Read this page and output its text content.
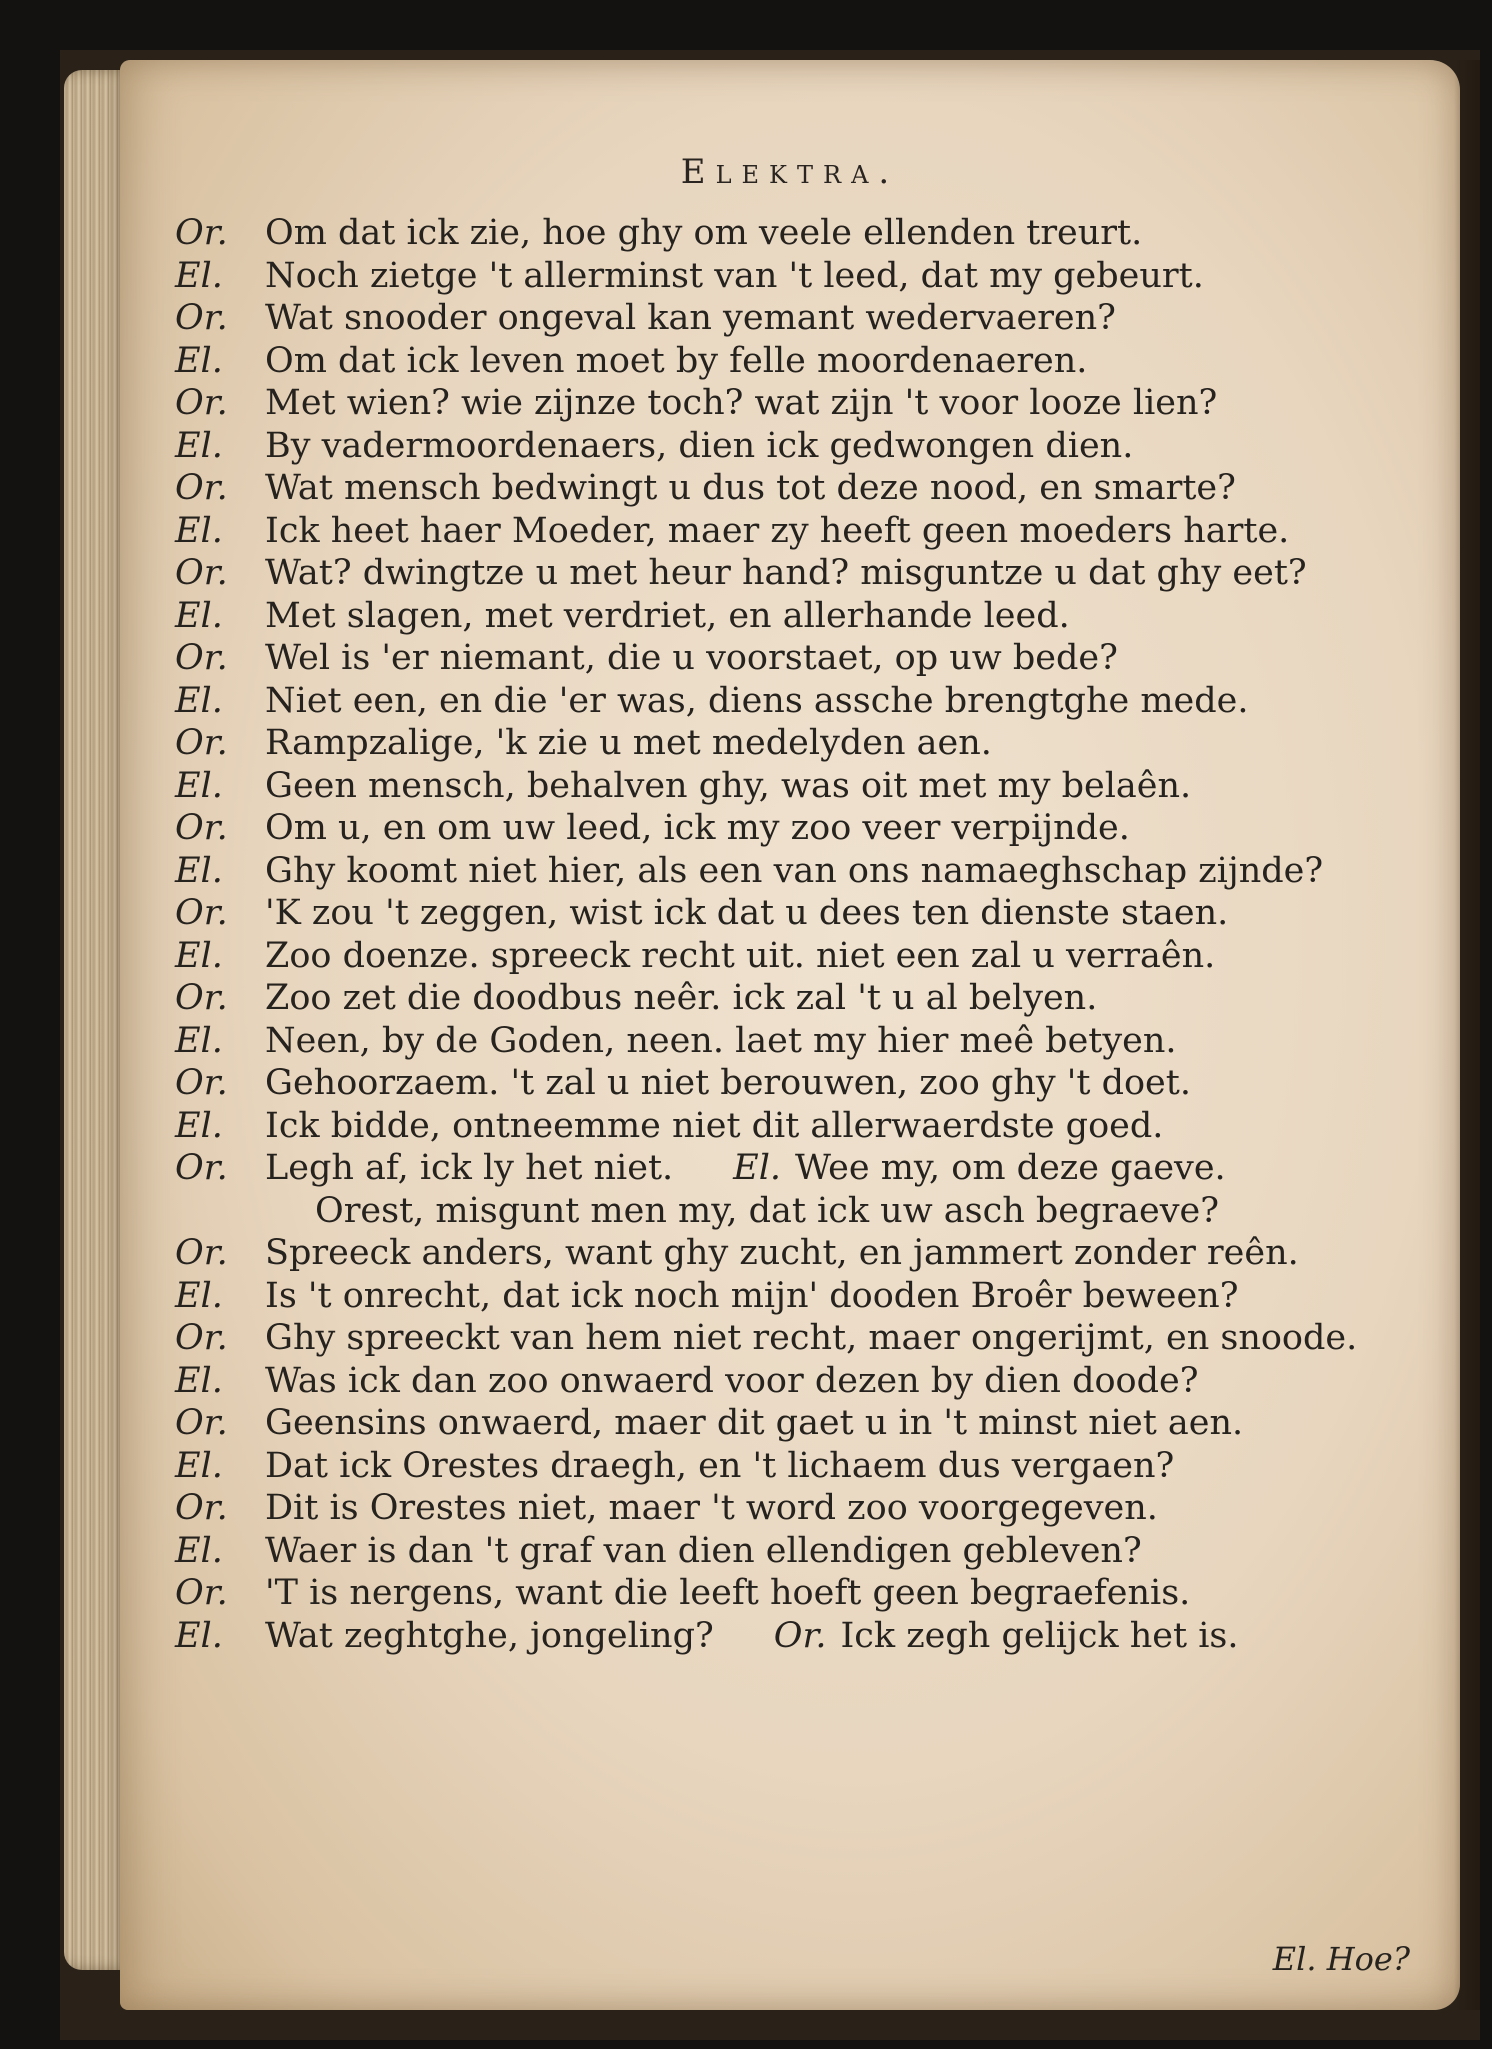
Elektra.
Or. Om dat ick zie, hoe ghy om veele ellenden treurt.
El. Noch zietge 't allerminst van 't leed, dat my gebeurt.
Or. Wat snooder ongeval kan yemant wedervaeren?
El. Om dat ick leven moet by felle moordenaeren.
Or. Met wien? wie zijnze toch? wat zijn 't voor looze lien?
El. By vadermoordenaers, dien ick gedwongen dien.
Or. Wat mensch bedwingt u dus tot deze nood, en smarte?
El. Ick heet haer Moeder, maer zy heeft geen moeders harte.
Or. Wat? dwingtze u met heur hand? misguntze u dat ghy eet?
El. Met slagen, met verdriet, en allerhande leed.
Or. Wel is 'er niemant, die u voorstaet, op uw bede?
El. Niet een, en die 'er was, diens assche brengtghe mede.
Or. Rampzalige, 'k zie u met medelyden aen.
El. Geen mensch, behalven ghy, was oit met my belaên.
Or. Om u, en om uw leed, ick my zoo veer verpijnde.
El. Ghy koomt niet hier, als een van ons namaeghschap zijnde?
Or. 'K zou 't zeggen, wist ick dat u dees ten dienste staen.
El. Zoo doenze. spreeck recht uit. niet een zal u verraên.
Or. Zoo zet die doodbus neêr. ick zal 't u al belyen.
El. Neen, by de Goden, neen. laet my hier meê betyen.
Or. Gehoorzaem. 't zal u niet berouwen, zoo ghy 't doet.
El. Ick bidde, ontneemme niet dit allerwaerdste goed.
Or. Legh af, ick ly het niet. El. Wee my, om deze gaeve.
Orest, misgunt men my, dat ick uw asch begraeve?
Or. Spreeck anders, want ghy zucht, en jammert zonder reên.
El. Is 't onrecht, dat ick noch mijn' dooden Broêr beween?
Or. Ghy spreeckt van hem niet recht, maer ongerijmt, en snoode.
El. Was ick dan zoo onwaerd voor dezen by dien doode?
Or. Geensins onwaerd, maer dit gaet u in 't minst niet aen.
El. Dat ick Orestes draegh, en 't lichaem dus vergaen?
Or. Dit is Orestes niet, maer 't word zoo voorgegeven.
El. Waer is dan 't graf van dien ellendigen gebleven?
Or. 'T is nergens, want die leeft hoeft geen begraefenis.
El. Wat zeghtghe, jongeling? Or. Ick zegh gelijck het is.
El. Hoe?
